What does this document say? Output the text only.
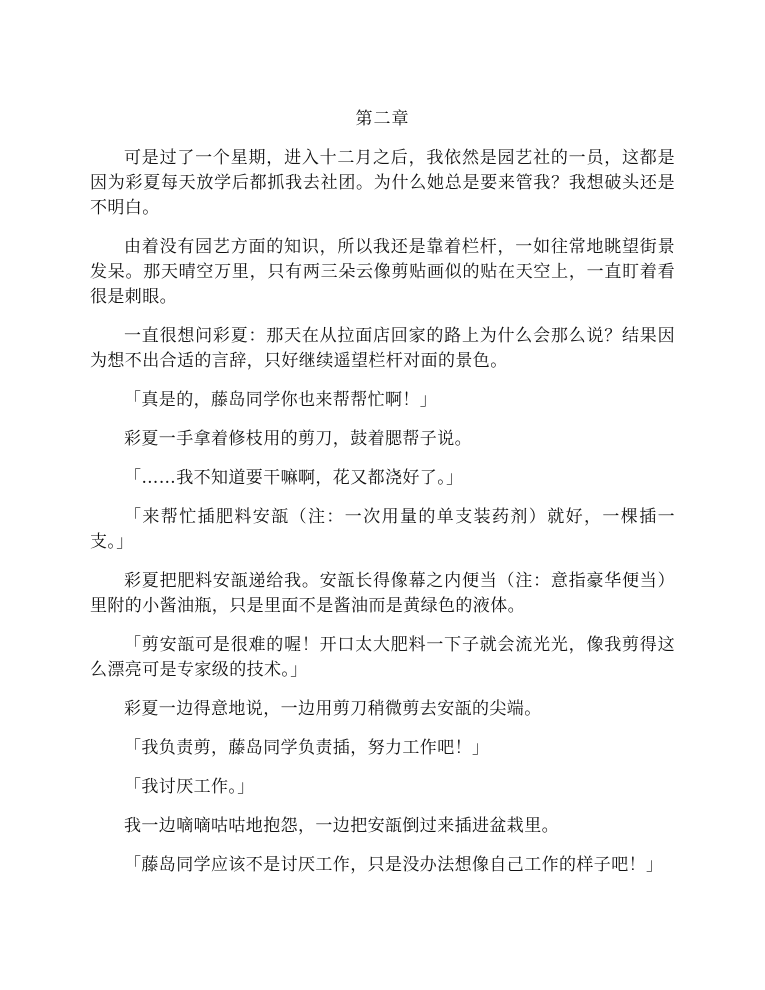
第二章

可是过了一个星期，进入十二月之后，我依然是园艺社的一员，这都是因为彩夏每天放学后都抓我去社团。为什么她总是要来管我？我想破头还是不明白。

由着没有园艺方面的知识，所以我还是靠着栏杆，一如往常地眺望街景发呆。那天晴空万里，只有两三朵云像剪贴画似的贴在天空上，一直盯着看很是刺眼。

一直很想问彩夏：那天在从拉面店回家的路上为什么会那么说？结果因为想不出合适的言辞，只好继续遥望栏杆对面的景色。

「真是的，藤岛同学你也来帮帮忙啊！」

彩夏一手拿着修枝用的剪刀，鼓着腮帮子说。

「……我不知道要干嘛啊，花又都浇好了。」

「来帮忙插肥料安瓿（注：一次用量的单支装药剂）就好，一棵插一支。」

彩夏把肥料安瓿递给我。安瓿长得像幕之内便当（注：意指豪华便当）里附的小酱油瓶，只是里面不是酱油而是黄绿色的液体。

「剪安瓿可是很难的喔！开口太大肥料一下子就会流光光，像我剪得这么漂亮可是专家级的技术。」

彩夏一边得意地说，一边用剪刀稍微剪去安瓿的尖端。

「我负责剪，藤岛同学负责插，努力工作吧！」

「我讨厌工作。」

我一边嘀嘀咕咕地抱怨，一边把安瓿倒过来插进盆栽里。

「藤岛同学应该不是讨厌工作，只是没办法想像自己工作的样子吧！」
